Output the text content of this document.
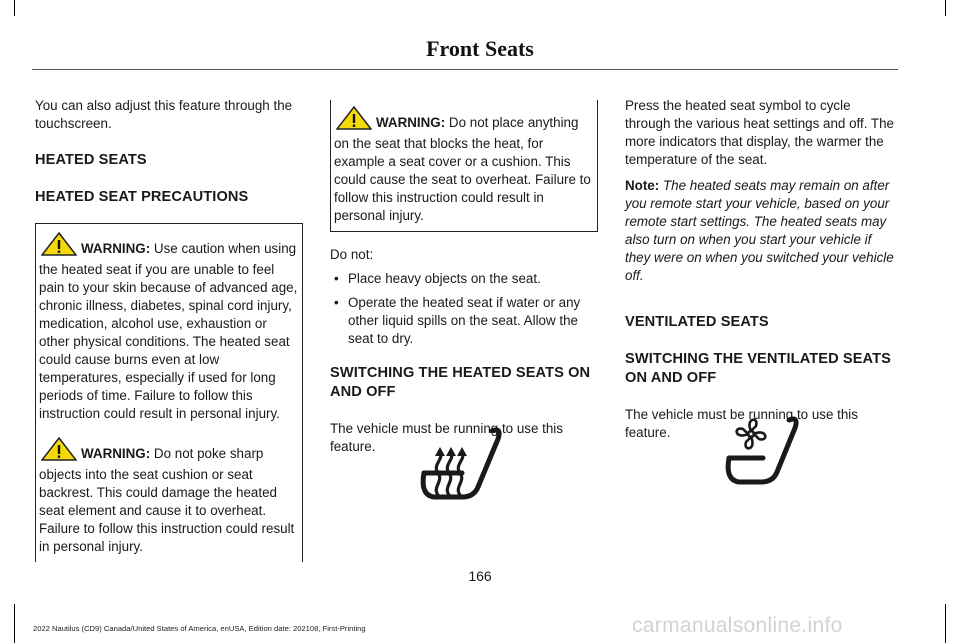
Front Seats

You can also adjust this feature through the touchscreen.

HEATED SEATS
HEATED SEAT PRECAUTIONS
WARNING: Use caution when using the heated seat if you are unable to feel pain to your skin because of advanced age, chronic illness, diabetes, spinal cord injury, medication, alcohol use, exhaustion or other physical conditions. The heated seat could cause burns even at low temperatures, especially if used for long periods of time. Failure to follow this instruction could result in personal injury.
WARNING: Do not poke sharp objects into the seat cushion or seat backrest. This could damage the heated seat element and cause it to overheat. Failure to follow this instruction could result in personal injury.
WARNING: Do not place anything on the seat that blocks the heat, for example a seat cover or a cushion. This could cause the seat to overheat. Failure to follow this instruction could result in personal injury.

Do not:

• Place heavy objects on the seat.
• Operate the heated seat if water or any other liquid spills on the seat. Allow the seat to dry.
SWITCHING THE HEATED SEATS ON AND OFF

The vehicle must be running to use this feature.

Press the heated seat symbol to cycle through the various heat settings and off. The more indicators that display, the warmer the temperature of the seat.

Note: The heated seats may remain on after you remote start your vehicle, based on your remote start settings. The heated seats may also turn on when you start your vehicle if they were on when you switched your vehicle off.

VENTILATED SEATS
SWITCHING THE VENTILATED SEATS ON AND OFF

The vehicle must be running to use this feature.

166
2022 Nautilus (CD9) Canada/United States of America, enUSA, Edition date: 202108, First-Printing	carmanualsonline.info
